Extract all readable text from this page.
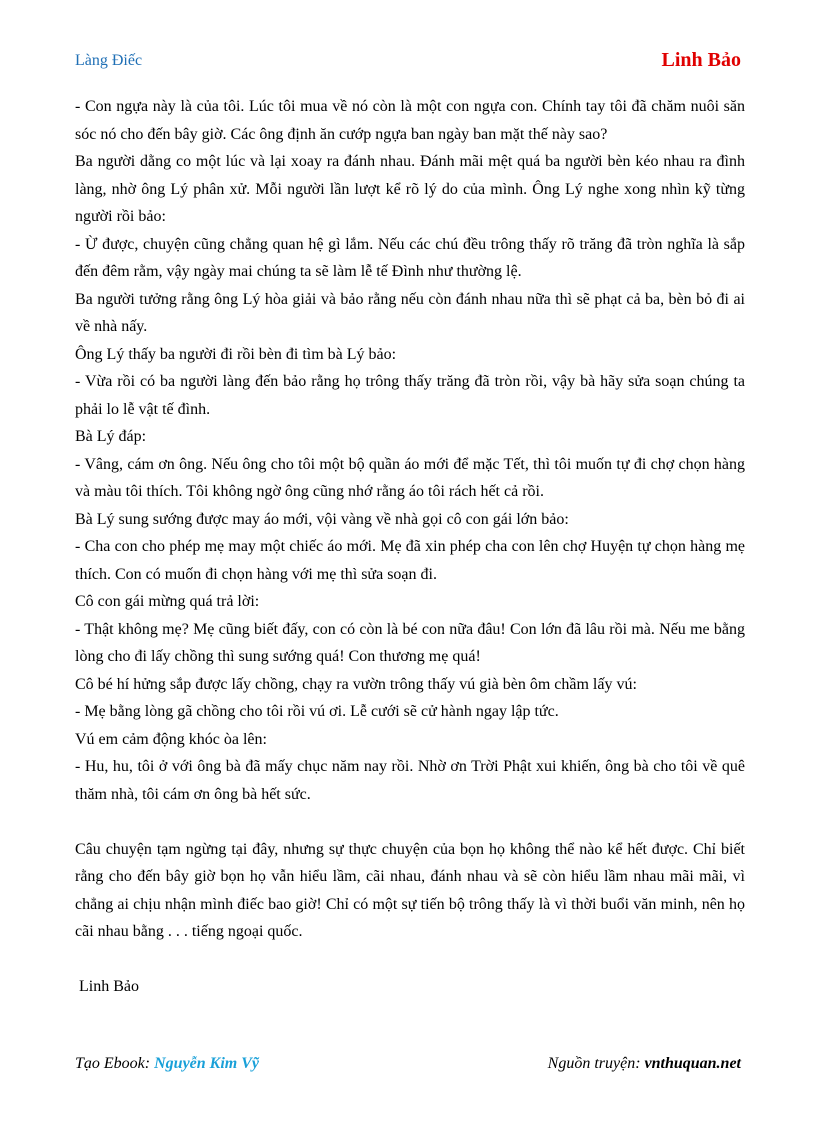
Làng Điếc	Linh Bảo

- Con ngựa này là của tôi. Lúc tôi mua về nó còn là một con ngựa con. Chính tay tôi đã chăm nuôi săn sóc nó cho đến bây giờ. Các ông định ăn cướp ngựa ban ngày ban mặt thế này sao?

Ba người dằng co một lúc và lại xoay ra đánh nhau. Đánh mãi mệt quá ba người bèn kéo nhau ra đình làng, nhờ ông Lý phân xử. Mỗi người lần lượt kể rõ lý do của mình. Ông Lý nghe xong nhìn kỹ từng người rồi bảo:

- Ừ được, chuyện cũng chẳng quan hệ gì lắm. Nếu các chú đều trông thấy rõ trăng đã tròn nghĩa là sắp đến đêm rằm, vậy ngày mai chúng ta sẽ làm lễ tế Đình như thường lệ.

Ba người tưởng rằng ông Lý hòa giải và bảo rằng nếu còn đánh nhau nữa thì sẽ phạt cả ba, bèn bỏ đi ai về nhà nấy.

Ông Lý thấy ba người đi rồi bèn đi tìm bà Lý bảo:

- Vừa rồi có ba người làng đến bảo rằng họ trông thấy trăng đã tròn rồi, vậy bà hãy sửa soạn chúng ta phải lo lễ vật tế đình.

Bà Lý đáp:

- Vâng, cám ơn ông. Nếu ông cho tôi một bộ quần áo mới để mặc Tết, thì tôi muốn tự đi chợ chọn hàng và màu tôi thích. Tôi không ngờ ông cũng nhớ rằng áo tôi rách hết cả rồi.

Bà Lý sung sướng được may áo mới, vội vàng về nhà gọi cô con gái lớn bảo:

- Cha con cho phép mẹ may một chiếc áo mới. Mẹ đã xin phép cha con lên chợ Huyện tự chọn hàng mẹ thích. Con có muốn đi chọn hàng với mẹ thì sửa soạn đi.

Cô con gái mừng quá trả lời:

- Thật không mẹ? Mẹ cũng biết đấy, con có còn là bé con nữa đâu! Con lớn đã lâu rồi mà. Nếu me bằng lòng cho đi lấy chồng thì sung sướng quá! Con thương mẹ quá!

Cô bé hí hửng sắp được lấy chồng, chạy ra vườn trông thấy vú già bèn ôm chầm lấy vú:

- Mẹ bằng lòng gã chồng cho tôi rồi vú ơi. Lễ cưới sẽ cử hành ngay lập tức.

Vú em cảm động khóc òa lên:

- Hu, hu, tôi ở với ông bà đã mấy chục năm nay rồi. Nhờ ơn Trời Phật xui khiến, ông bà cho tôi về quê thăm nhà, tôi cám ơn ông bà hết sức.

Câu chuyện tạm ngừng tại đây, nhưng sự thực chuyện của bọn họ không thể nào kể hết được. Chỉ biết rằng cho đến bây giờ bọn họ vẫn hiểu lầm, cãi nhau, đánh nhau và sẽ còn hiểu lầm nhau mãi mãi, vì chẳng ai chịu nhận mình điếc bao giờ! Chỉ có một sự tiến bộ trông thấy là vì thời buổi văn minh, nên họ cãi nhau bằng . . . tiếng ngoại quốc.

Linh Bảo

Tạo Ebook: Nguyễn Kim Vỹ	Nguồn truyện: vnthuquan.net
